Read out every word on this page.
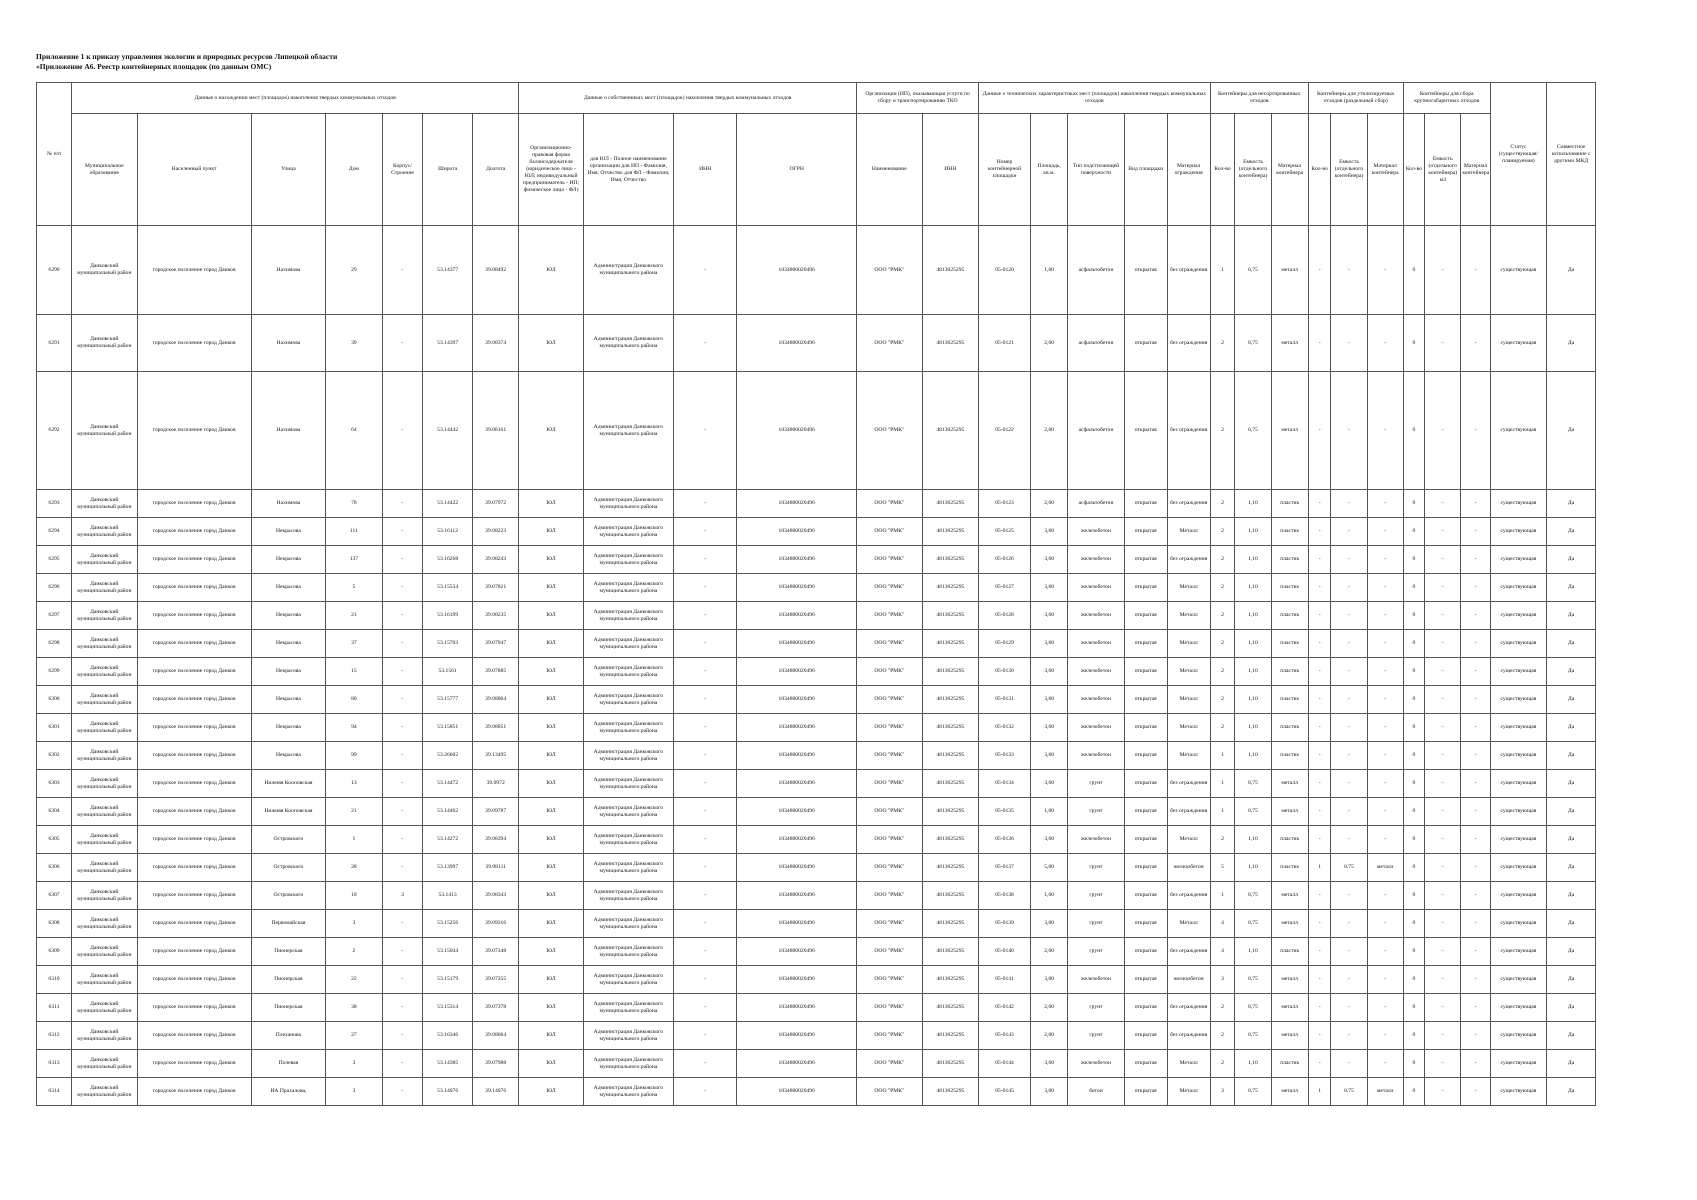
Приложение 1 к приказу управления экологии и природных ресурсов Липецкой области
«Приложение А6. Реестр контейнерных площадок (по данным ОМС)
№ п/п	Данные о нахождении мест (площадок) накопления твердых коммунальных отходов							Данные о собственниках мест (площадок) накопления твердых коммунальных отходов				Организации (ИП), оказывающая услуги по сбору и транспортированию ТКО		Данные о технических характеристиках мест (площадок) накопления твердых коммунальных отходов					Контейнеры для несортированных отходов			Контейнеры для утилизируемых отходов (раздельный сбор)			Контейнеры для сбора крупногабаритных отходов			Статус (существующая/ планируемая)	Совместное использование с другими МКД
	Муниципальное образование	Населенный пункт	Улица	Дом	Корпус/Строение	Широта	Долгота	Организационно-правовая форма балансодержателя (юридическое лицо - ЮЛ; индивидуальный предприниматель - ИП; физическое лицо - ФЛ)	для ЮЛ - Полное наименование организации для ИП - Фамилия, Имя, Отчество для ФЛ - Фамилия, Имя, Отчество	ИНН	ОГРН	Наименование	ИНН	Номер контейнерной площадки	Площадь, кв.м.	Тип подстилающей поверхности	Вид площадки	Материал ограждения	Кол-во	Емкость (отдельного контейнера)	Материал контейнера	Кол-во	Емкость (отдельного контейнера)	Материал контейнера	Кол-во	Емкость (отдельного контейнера) м3	Материал контейнера		
6290	Данковский муниципальный район	городское поселение город Данков	Нахимова	29	-	53.14377	39.08492	ЮЛ	Администрация Данковского муниципального района	-	1034800020496	ООО "РМК"	4813025295	05-0120	1,00	асфальтобетон	открытая	без ограждения	1	0,75	металл	-	-	-	0	-	-	существующая	Да
6291	Данковский муниципальный район	городское поселение город Данков	Нахимова	39	-	53.14397	39.08374	ЮЛ	Администрация Данковского муниципального района	-	1034800020496	ООО "РМК"	4813025295	05-0121	2,00	асфальтобетон	открытая	без ограждения	2	0,75	металл	-	-	-	0	-	-	существующая	Да
6292	Данковский муниципальный район	городское поселение город Данков	Нахимова	64	-	53.14442	39.08161	ЮЛ	Администрация Данковского муниципального района	-	1034800020496	ООО "РМК"	4813025295	05-0122	2,00	асфальтобетон	открытая	без ограждения	2	0,75	металл	-	-	-	0	-	-	существующая	Да
6293	Данковский муниципальный район	городское поселение город Данков	Нахимова	78	-	53.14422	39.07972	ЮЛ	Администрация Данковского муниципального района	-	1034800020496	ООО "РМК"	4813025295	05-0123	2,00	асфальтобетон	открытая	без ограждения	2	1,10	пластик	-	-	-	0	-	-	существующая	Да
6294	Данковский муниципальный район	городское поселение город Данков	Некрасова	111	-	53.16112	39.08223	ЮЛ	Администрация Данковского муниципального района	-	1034800020496	ООО "РМК"	4813025295	05-0125	3,60	железобетон	открытая	Металл	2	1,10	пластик	-	-	-	0	-	-	существующая	Да
6295	Данковский муниципальный район	городское поселение город Данков	Некрасова	137	-	53.16268	39.08243	ЮЛ	Администрация Данковского муниципального района	-	1034800020496	ООО "РМК"	4813025295	05-0126	3,60	железобетон	открытая	без ограждения	2	1,10	пластик	-	-	-	0	-	-	существующая	Да
6296	Данковский муниципальный район	городское поселение город Данков	Некрасова	5	-	53.15534	39.07821	ЮЛ	Администрация Данковского муниципального района	-	1034800020496	ООО "РМК"	4813025295	05-0127	3,60	железобетон	открытая	Металл	2	1,10	пластик	-	-	-	0	-	-	существующая	Да
6297	Данковский муниципальный район	городское поселение город Данков	Некрасова	21	-	53.16199	39.08235	ЮЛ	Администрация Данковского муниципального района	-	1034800020496	ООО "РМК"	4813025295	05-0128	3,60	железобетон	открытая	Металл	2	1,10	пластик	-	-	-	0	-	-	существующая	Да
6298	Данковский муниципальный район	городское поселение город Данков	Некрасова	37	-	53.15703	39.07947	ЮЛ	Администрация Данковского муниципального района	-	1034800020496	ООО "РМК"	4813025295	05-0129	3,60	железобетон	открытая	Металл	2	1,10	пластик	-	-	-	0	-	-	существующая	Да
6299	Данковский муниципальный район	городское поселение город Данков	Некрасова	15	-	53.1561	39.07885	ЮЛ	Администрация Данковского муниципального района	-	1034800020496	ООО "РМК"	4813025295	05-0130	3,60	железобетон	открытая	Металл	2	1,10	пластик	-	-	-	0	-	-	существующая	Да
6300	Данковский муниципальный район	городское поселение город Данков	Некрасова	80	-	53.15777	39.08004	ЮЛ	Администрация Данковского муниципального района	-	1034800020496	ООО "РМК"	4813025295	05-0131	3,60	железобетон	открытая	Металл	2	1,10	пластик	-	-	-	0	-	-	существующая	Да
6301	Данковский муниципальный район	городское поселение город Данков	Некрасова	94	-	53.15851	39.08051	ЮЛ	Администрация Данковского муниципального района	-	1034800020496	ООО "РМК"	4813025295	05-0132	3,60	железобетон	открытая	Металл	2	1,10	пластик	-	-	-	0	-	-	существующая	Да
6302	Данковский муниципальный район	городское поселение город Данков	Некрасова	99	-	53.26602	39.13495	ЮЛ	Администрация Данковского муниципального района	-	1034800020496	ООО "РМК"	4813025295	05-0133	3,60	железобетон	открытая	Металл	1	1,10	пластик	-	-	-	0	-	-	существующая	Да
6303	Данковский муниципальный район	городское поселение город Данков	Нижняя Кооповская	13	-	53.14472	39.0972	ЮЛ	Администрация Данковского муниципального района	-	1034800020496	ООО "РМК"	4813025295	05-0134	3,60	грунт	открытая	без ограждения	1	0,75	металл	-	-	-	0	-	-	существующая	Да
6304	Данковский муниципальный район	городское поселение город Данков	Нижняя Кооповская	21	-	53.14462	39.09787	ЮЛ	Администрация Данковского муниципального района	-	1034800020496	ООО "РМК"	4813025295	05-0135	1,00	грунт	открытая	без ограждения	1	0,75	металл	-	-	-	0	-	-	существующая	Да
6305	Данковский муниципальный район	городское поселение город Данков	Островского	1	-	53.14272	39.08394	ЮЛ	Администрация Данковского муниципального района	-	1034800020496	ООО "РМК"	4813025295	05-0136	3,60	железобетон	открытая	Металл	2	1,10	пластик	-	-	-	0	-	-	существующая	Да
6306	Данковский муниципальный район	городское поселение город Данков	Островского	28	-	53.13997	39.08111	ЮЛ	Администрация Данковского муниципального района	-	1034800020496	ООО "РМК"	4813025295	05-0137	5,00	грунт	открытая	железобетон	5	1,10	пластик	1	0.75	металл	0	-	-	существующая	Да
6307	Данковский муниципальный район	городское поселение город Данков	Островского	18	3	53.1413	39.08343	ЮЛ	Администрация Данковского муниципального района	-	1034800020496	ООО "РМК"	4813025295	05-0138	1,00	грунт	открытая	без ограждения	1	0,75	металл	-	-	-	0	-	-	существующая	Да
6308	Данковский муниципальный район	городское поселение город Данков	Первомайская	3	-	53.15256	39.09316	ЮЛ	Администрация Данковского муниципального района	-	1034800020496	ООО "РМК"	4813025295	05-0139	3,00	грунт	открытая	Металл	4	0,75	металл	-	-	-	0	-	-	существующая	Да
6309	Данковский муниципальный район	городское поселение город Данков	Пионерская	2	-	53.15044	39.07348	ЮЛ	Администрация Данковского муниципального района	-	1034800020496	ООО "РМК"	4813025295	05-0140	2,00	грунт	открытая	без ограждения	4	1,10	пластик	-	-	-	0	-	-	существующая	Да
6310	Данковский муниципальный район	городское поселение город Данков	Пионерская	22	-	53.15179	39.07355	ЮЛ	Администрация Данковского муниципального района	-	1034800020496	ООО "РМК"	4813025295	05-0141	3,00	железобетон	открытая	железобетон	3	0,75	металл	-	-	-	0	-	-	существующая	Да
6311	Данковский муниципальный район	городское поселение город Данков	Пионерская	38	-	53.15314	39.07378	ЮЛ	Администрация Данковского муниципального района	-	1034800020496	ООО "РМК"	4813025295	05-0142	2,00	грунт	открытая	без ограждения	2	0,75	металл	-	-	-	0	-	-	существующая	Да
6312	Данковский муниципальный район	городское поселение город Данков	Плеханова	27	-	53.16346	39.08664	ЮЛ	Администрация Данковского муниципального района	-	1034800020496	ООО "РМК"	4813025295	05-0143	2,00	грунт	открытая	без ограждения	2	0,75	металл	-	-	-	0	-	-	существующая	Да
6313	Данковский муниципальный район	городское поселение город Данков	Полевая	3	-	53.14385	39.07988	ЮЛ	Администрация Данковского муниципального района	-	1034800020496	ООО "РМК"	4813025295	05-0144	3,60	железобетон	открытая	Металл	2	1,10	пластик	-	-	-	0	-	-	существующая	Да
6314	Данковский муниципальный район	городское поселение город Данков	ИА Прахалова,	3	-	53.14076	39.14076	ЮЛ	Администрация Данковского муниципального района	-	1034800020496	ООО "РМК"	4813025295	05-0145	3,00	бетон	открытая	Металл	3	0,75	металл	1	0.75	металл	0	-	-	существующая	Да
